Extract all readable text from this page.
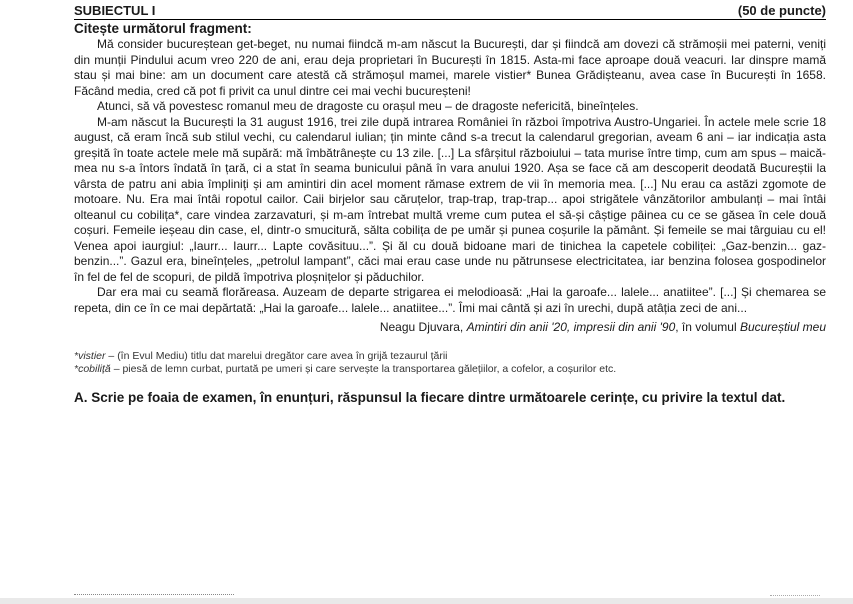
SUBIECTUL I	(50 de puncte)
Citește următorul fragment:

Mă consider bucureștean get-beget, nu numai fiindcă m-am născut la București, dar și fiindcă am dovezi că strămoșii mei paterni, veniți din munții Pindului acum vreo 220 de ani, erau deja proprietari în București în 1815. Asta-mi face aproape două veacuri. Iar dinspre mamă stau și mai bine: am un document care atestă că strămoșul mamei, marele vistier* Bunea Grădișteanu, avea case în București în 1658. Făcând media, cred că pot fi privit ca unul dintre cei mai vechi bucureșteni!

Atunci, să vă povestesc romanul meu de dragoste cu orașul meu – de dragoste nefericită, bineînțeles.

M-am născut la București la 31 august 1916, trei zile după intrarea României în război împotriva Austro-Ungariei. În actele mele scrie 18 august, că eram încă sub stilul vechi, cu calendarul iulian; țin minte când s-a trecut la calendarul gregorian, aveam 6 ani – iar indicația asta greșită în toate actele mele mă supără: mă îmbătrânește cu 13 zile. [...] La sfârșitul războiului – tata murise între timp, cum am spus – maică-mea nu s-a întors îndată în țară, ci a stat în seama bunicului până în vara anului 1920. Așa se face că am descoperit deodată Bucureștii la vârsta de patru ani abia împliniți și am amintiri din acel moment rămase extrem de vii în memoria mea. [...] Nu erau ca astăzi zgomote de motoare. Nu. Era mai întâi ropotul cailor. Caii birjelor sau căruțelor, trap-trap, trap-trap... apoi strigătele vânzătorilor ambulanți – mai întâi olteanul cu cobilița*, care vindea zarzavaturi, și m-am întrebat multă vreme cum putea el să-și câștige pâinea cu ce se găsea în cele două coșuri. Femeile ieșeau din case, el, dintr-o smucitură, sălta cobilița de pe umăr și punea coșurile la pământ. Și femeile se mai târguiau cu el! Venea apoi iaurgiul: „Iaurr... Iaurr... Lapte covăsituu...”. Și ăl cu două bidoane mari de tinichea la capetele cobiliței: „Gaz-benzin... gaz-benzin...”. Gazul era, bineînțeles, „petrolul lampant”, căci mai erau case unde nu pătrunsese electricitatea, iar benzina folosea gospodinelor în fel de fel de scopuri, de pildă împotriva ploșnițelor și păduchilor.

Dar era mai cu seamă florăreasa. Auzeam de departe strigarea ei melodioasă: „Hai la garoafe... lalele... anatiitee”. [...] Și chemarea se repeta, din ce în ce mai depărtată: „Hai la garoafe... lalele... anatiitee...”. Îmi mai cântă și azi în urechi, după atâția zeci de ani...

Neagu Djuvara, Amintiri din anii '20, impresii din anii '90, în volumul Bucureștiul meu
*vistier – (în Evul Mediu) titlu dat marelui dregător care avea în grijă tezaurul țării
*cobiliță – piesă de lemn curbat, purtată pe umeri și care servește la transportarea gălețiilor, a cofelor, a coșurilor etc.
A. Scrie pe foaia de examen, în enunțuri, răspunsul la fiecare dintre următoarele cerințe, cu privire la textul dat.
